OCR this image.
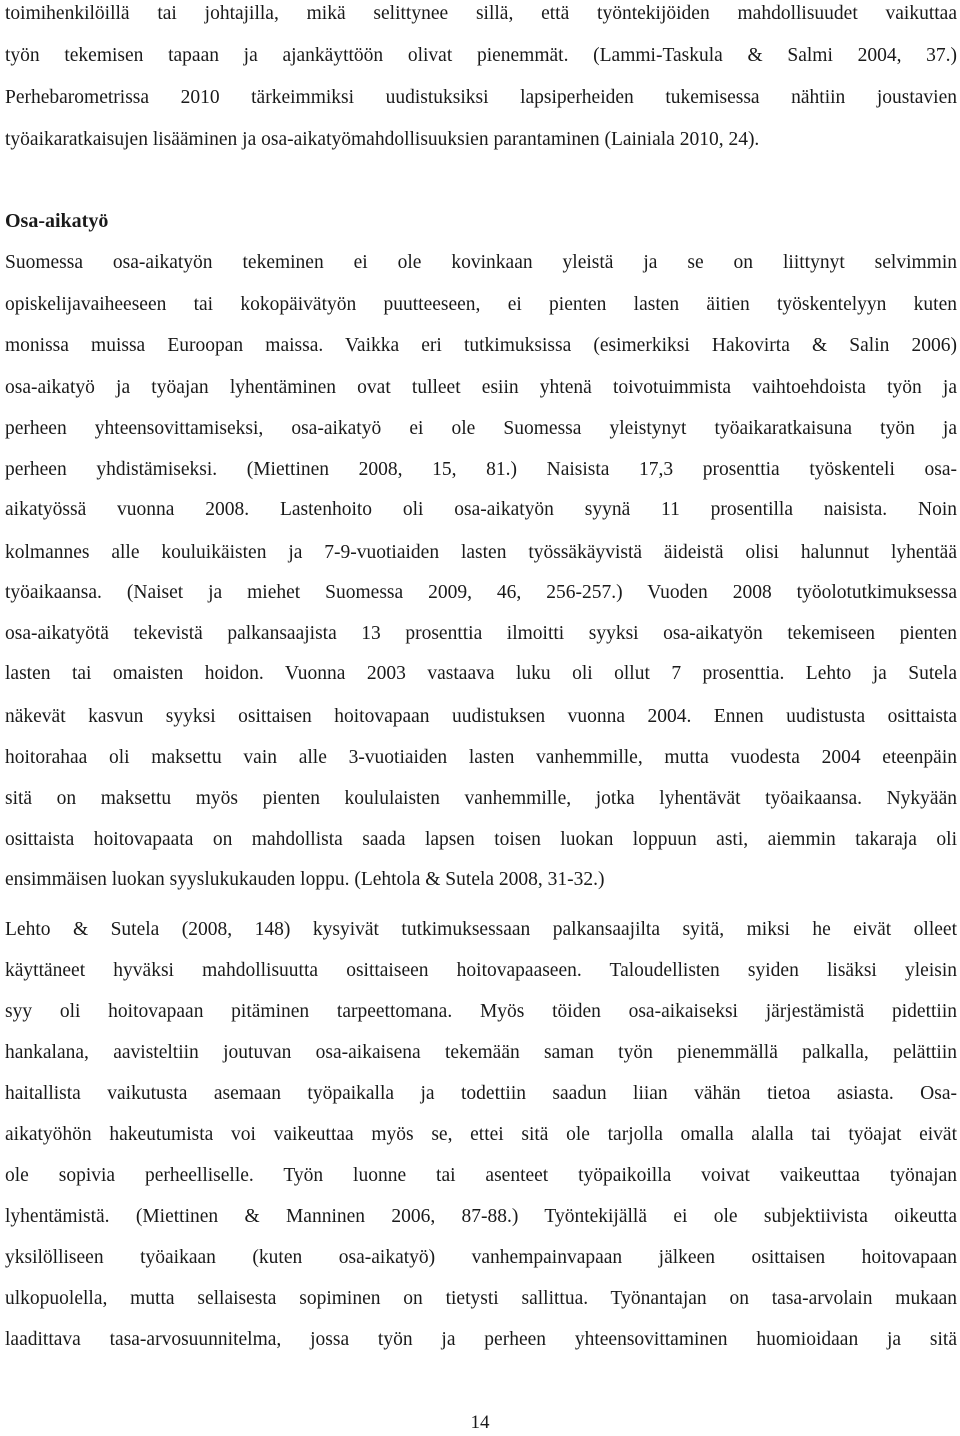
toimihenkilöillä tai johtajilla, mikä selittynee sillä, että työntekijöiden mahdollisuudet vaikuttaa
työn tekemisen tapaan ja ajankäyttöön olivat pienemmät. (Lammi-Taskula & Salmi 2004, 37.)
Perhebarometrissa 2010 tärkeimmiksi uudistuksiksi lapsiperheiden tukemisessa nähtiin joustavien
työaikaratkaisujen lisääminen ja osa-aikatyömahdollisuuksien parantaminen (Lainiala 2010, 24).
Osa-aikatyö
Suomessa osa-aikatyön tekeminen ei ole kovinkaan yleistä ja se on liittynyt selvimmin
opiskelijavaiheeseen tai kokopäivätyön puutteeseen, ei pienten lasten äitien työskentelyyn kuten
monissa muissa Euroopan maissa. Vaikka eri tutkimuksissa (esimerkiksi Hakovirta & Salin 2006)
osa-aikatyö ja työajan lyhentäminen ovat tulleet esiin yhtenä toivotuimmista vaihtoehdoista työn ja
perheen yhteensovittamiseksi, osa-aikatyö ei ole Suomessa yleistynyt työaikaratkaisuna työn ja
perheen yhdistämiseksi. (Miettinen 2008, 15, 81.) Naisista 17,3 prosenttia työskenteli osa-
aikatyössä vuonna 2008. Lastenhoito oli osa-aikatyön syynä 11 prosentilla naisista. Noin
kolmannes alle kouluikäisten ja 7-9-vuotiaiden lasten työssäkäyvistä äideistä olisi halunnut lyhentää
työaikaansa. (Naiset ja miehet Suomessa 2009, 46, 256-257.) Vuoden 2008 työolotutkimuksessa
osa-aikatyötä tekevistä palkansaajista 13 prosenttia ilmoitti syyksi osa-aikatyön tekemiseen pienten
lasten tai omaisten hoidon. Vuonna 2003 vastaava luku oli ollut 7 prosenttia. Lehto ja Sutela
näkevät kasvun syyksi osittaisen hoitovapaan uudistuksen vuonna 2004. Ennen uudistusta osittaista
hoitorahaa oli maksettu vain alle 3-vuotiaiden lasten vanhemmille, mutta vuodesta 2004 eteenpäin
sitä on maksettu myös pienten koululaisten vanhemmille, jotka lyhentävät työaikaansa. Nykyään
osittaista hoitovapaata on mahdollista saada lapsen toisen luokan loppuun asti, aiemmin takaraja oli
ensimmäisen luokan syyslukukauden loppu. (Lehtola & Sutela 2008, 31-32.)
Lehto & Sutela (2008, 148) kysyivät tutkimuksessaan palkansaajilta syitä, miksi he eivät olleet
käyttäneet hyväksi mahdollisuutta osittaiseen hoitovapaaseen. Taloudellisten syiden lisäksi yleisin
syy oli hoitovapaan pitäminen tarpeettomana. Myös töiden osa-aikaiseksi järjestämistä pidettiin
hankalana, aavisteltiin joutuvan osa-aikaisena tekemään saman työn pienemmällä palkalla, pelättiin
haitallista vaikutusta asemaan työpaikalla ja todettiin saadun liian vähän tietoa asiasta. Osa-
aikatyöhön hakeutumista voi vaikeuttaa myös se, ettei sitä ole tarjolla omalla alalla tai työajat eivät
ole sopivia perheelliselle. Työn luonne tai asenteet työpaikoilla voivat vaikeuttaa työnajan
lyhentämistä. (Miettinen & Manninen 2006, 87-88.) Työntekijällä ei ole subjektiivista oikeutta
yksilölliseen työaikaan (kuten osa-aikatyö) vanhempainvapaan jälkeen osittaisen hoitovapaan
ulkopuolella, mutta sellaisesta sopiminen on tietysti sallittua. Työnantajan on tasa-arvolain mukaan
laadittava tasa-arvosuunnitelma, jossa työn ja perheen yhteensovittaminen huomioidaan ja sitä
14
